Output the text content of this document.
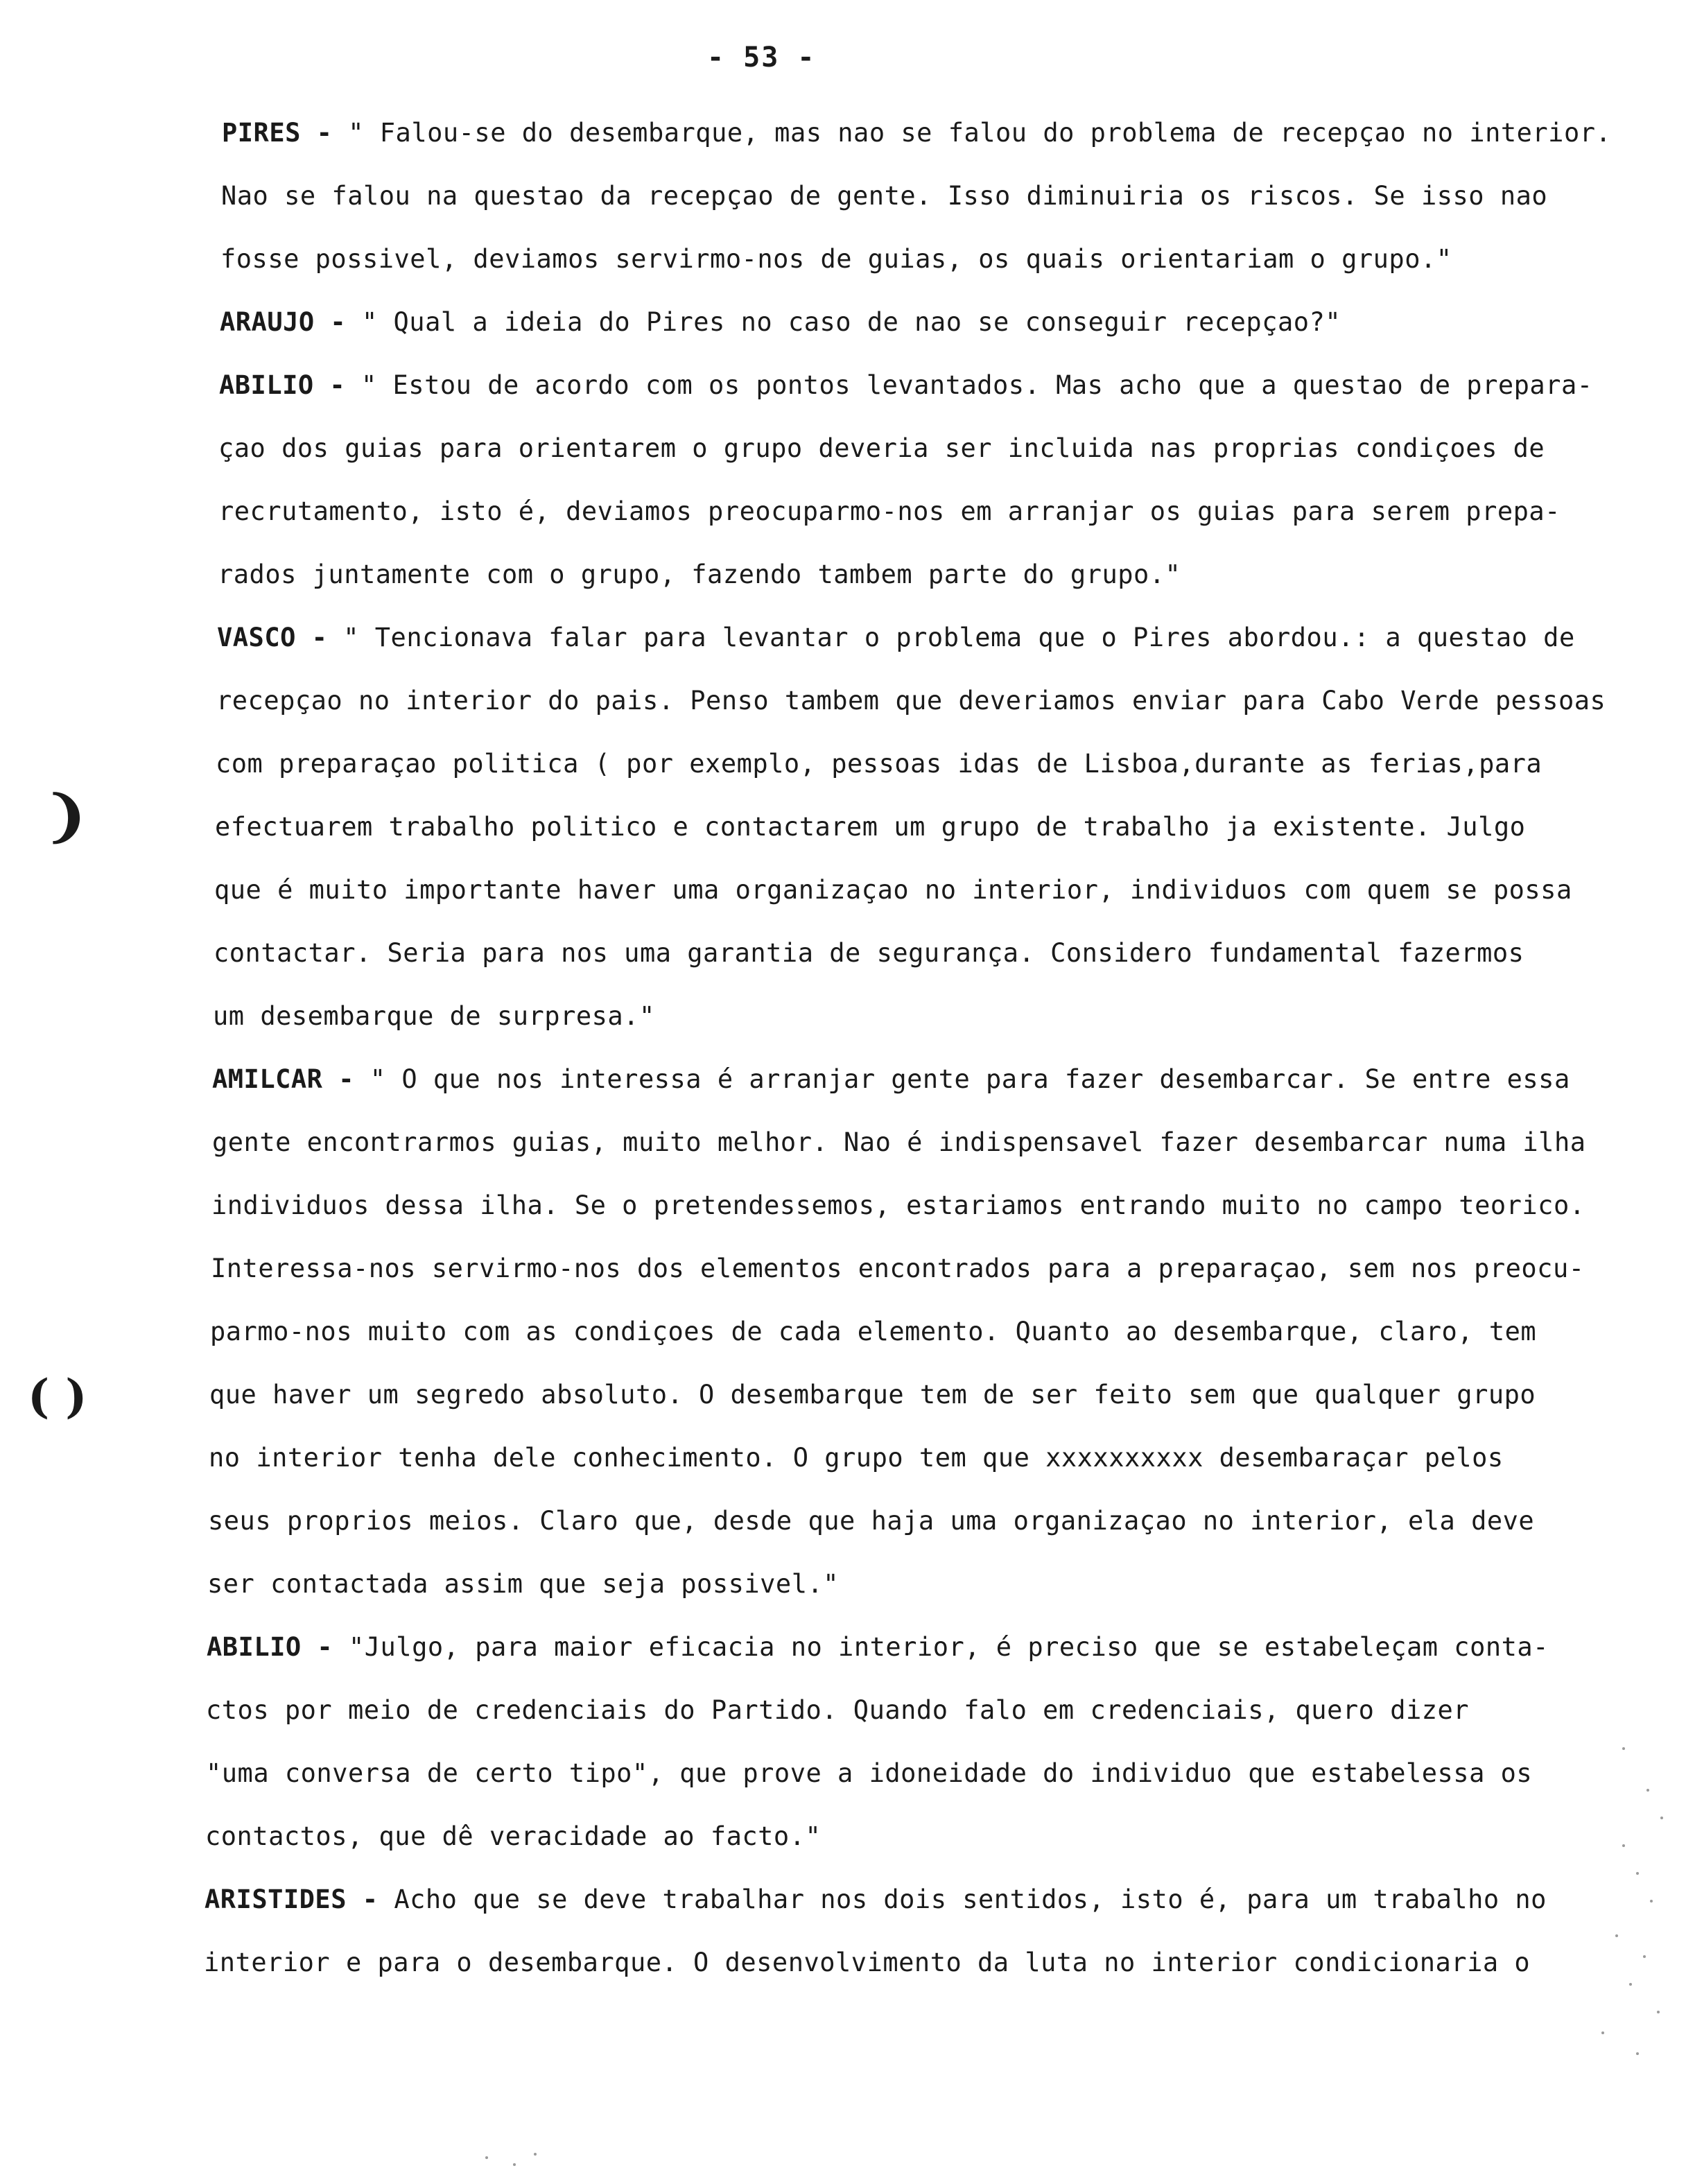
- 53 -
PIRES - " Falou-se do desembarque, mas nao se falou do problema de recepçao no interior.
Nao se falou na questao da recepçao de gente. Isso diminuiria os riscos. Se isso nao
fosse possivel, deviamos servirmo-nos de guias, os quais orientariam o grupo."
ARAUJO - " Qual a ideia do Pires no caso de nao se conseguir recepçao?"
ABILIO - " Estou de acordo com os pontos levantados. Mas acho que a questao de prepara-
çao dos guias para orientarem o grupo deveria ser incluida nas proprias condiçoes de
recrutamento, isto é, deviamos preocuparmo-nos em arranjar os guias para serem prepa-
rados juntamente com o grupo, fazendo tambem parte do grupo."
VASCO - " Tencionava falar para levantar o problema que o Pires abordou.: a questao de
recepçao no interior do pais. Penso tambem que deveriamos enviar para Cabo Verde pessoas
com preparaçao politica ( por exemplo, pessoas idas de Lisboa,durante as ferias,para
efectuarem trabalho politico e contactarem um grupo de trabalho ja existente. Julgo
que é muito importante haver uma organizaçao no interior, individuos com quem se possa
contactar. Seria para nos uma garantia de segurança. Considero fundamental fazermos
um desembarque de surpresa."
AMILCAR - " O que nos interessa é arranjar gente para fazer desembarcar. Se entre essa
gente encontrarmos guias, muito melhor. Nao é indispensavel fazer desembarcar numa ilha
individuos dessa ilha. Se o pretendessemos, estariamos entrando muito no campo teorico.
Interessa-nos servirmo-nos dos elementos encontrados para a preparaçao, sem nos preocu-
parmo-nos muito com as condiçoes de cada elemento. Quanto ao desembarque, claro, tem
que haver um segredo absoluto. O desembarque tem de ser feito sem que qualquer grupo
no interior tenha dele conhecimento. O grupo tem que xxxxxxxxxx desembaraçar pelos
seus proprios meios. Claro que, desde que haja uma organizaçao no interior, ela deve
ser contactada assim que seja possivel."
ABILIO - "Julgo, para maior eficacia no interior, é preciso que se estabeleçam conta-
ctos por meio de credenciais do Partido. Quando falo em credenciais, quero dizer
"uma conversa de certo tipo", que prove a idoneidade do individuo que estabelessa os
contactos, que dê veracidade ao facto."
ARISTIDES - Acho que se deve trabalhar nos dois sentidos, isto é, para um trabalho no
interior e para o desembarque. O desenvolvimento da luta no interior condicionaria o
❩
( )
